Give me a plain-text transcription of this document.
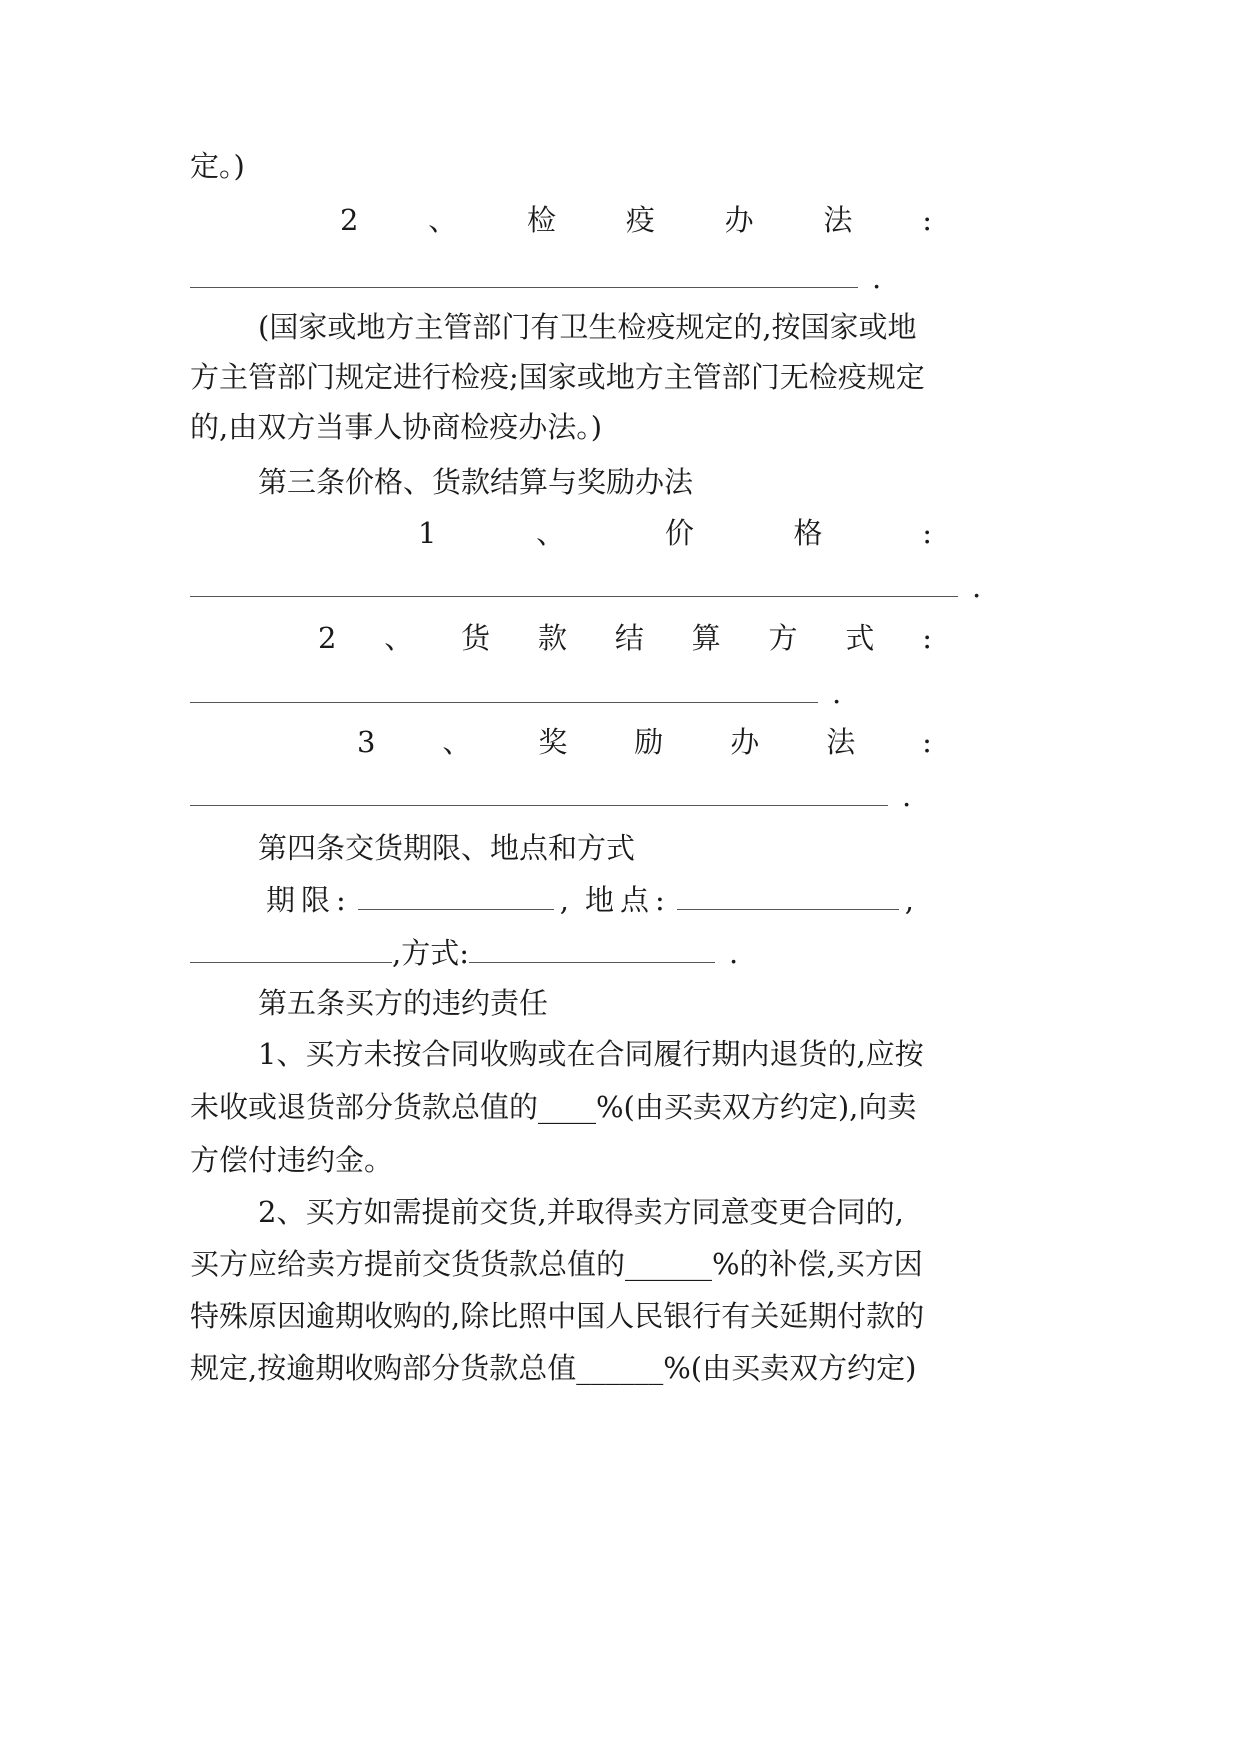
定。)
2 、 检 疫 办 法 :
.
(国家或地方主管部门有卫生检疫规定的,按国家或地
方主管部门规定进行检疫;国家或地方主管部门无检疫规定
的,由双方当事人协商检疫办法。)
第三条价格、货款结算与奖励办法
1	、	价	格	:
.
2 、 货 款 结 算 方 式 :
.
3 、 奖 励 办 法 :
.
第四条交货期限、地点和方式
期限:	, 地点:	,
,方式:	.
第五条买方的违约责任
1、买方未按合同收购或在合同履行期内退货的,应按
未收或退货部分货款总值的____%(由买卖双方约定),向卖
方偿付违约金。
2、买方如需提前交货,并取得卖方同意变更合同的,
买方应给卖方提前交货货款总值的______%的补偿,买方因
特殊原因逾期收购的,除比照中国人民银行有关延期付款的
规定,按逾期收购部分货款总值______%(由买卖双方约定)
